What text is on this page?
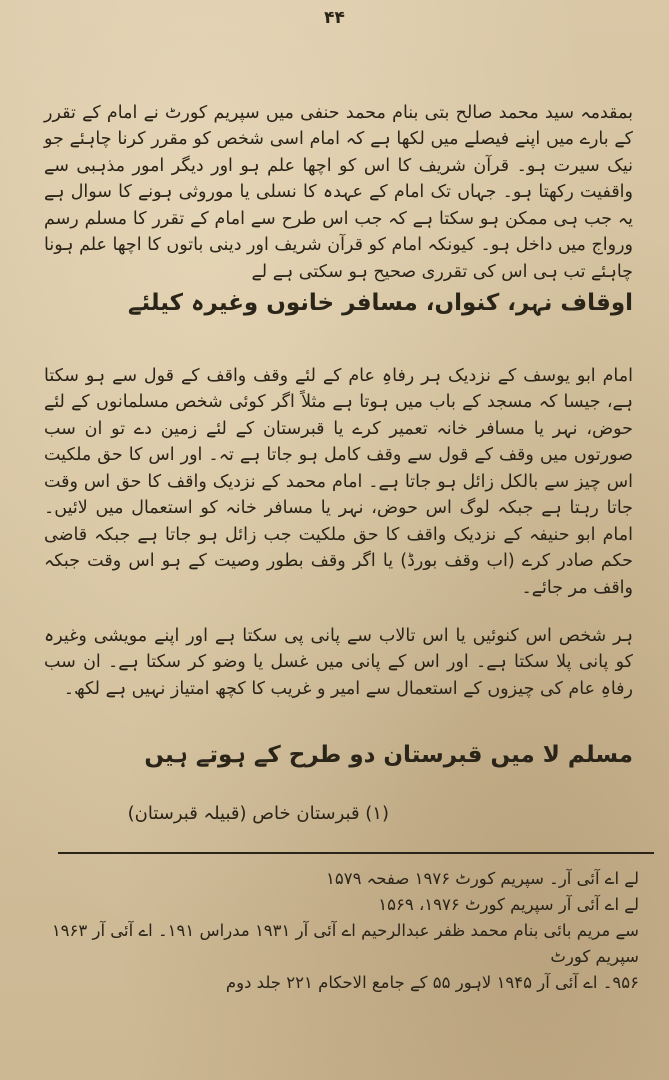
۴۴

بمقدمہ سید محمد صالح بتی بنام محمد حنفی میں سپریم کورٹ نے امام کے تقرر کے بارے میں اپنے فیصلے میں لکھا ہے کہ امام اسی شخص کو مقرر کرنا چاہئے جو نیک سیرت ہو۔ قرآن شریف کا اس کو اچھا علم ہو اور دیگر امور مذہبی سے واقفیت رکھتا ہو۔ جہاں تک امام کے عہدہ کا نسلی یا موروثی ہونے کا سوال ہے یہ جب ہی ممکن ہو سکتا ہے کہ جب اس طرح سے امام کے تقرر کا مسلم رسم ورواج میں داخل ہو۔ کیونکہ امام کو قرآن شریف اور دینی باتوں کا اچھا علم ہونا چاہئے تب ہی اس کی تقرری صحیح ہو سکتی ہے لے

اوقاف نہر، کنواں، مسافر خانوں وغیرہ کیلئے

امام ابو یوسف کے نزدیک ہر رفاہِ عام کے لئے وقف واقف کے قول سے ہو سکتا ہے، جیسا کہ مسجد کے باب میں ہوتا ہے مثلاً اگر کوئی شخص مسلمانوں کے لئے حوض، نہر یا مسافر خانہ تعمیر کرے یا قبرستان کے لئے زمین دے تو ان سب صورتوں میں وقف کے قول سے وقف کامل ہو جاتا ہے تہ۔ اور اس کا حق ملکیت اس چیز سے بالکل زائل ہو جاتا ہے۔ امام محمد کے نزدیک واقف کا حق اس وقت جاتا رہتا ہے جبکہ لوگ اس حوض، نہر یا مسافر خانہ کو استعمال میں لائیں۔ امام ابو حنیفہ کے نزدیک واقف کا حق ملکیت جب زائل ہو جاتا ہے جبکہ قاضی حکم صادر کرے (اب وقف بورڈ) یا اگر وقف بطور وصیت کے ہو اس وقت جبکہ واقف مر جائے۔

ہر شخص اس کنوئیں یا اس تالاب سے پانی پی سکتا ہے اور اپنے مویشی وغیرہ کو پانی پلا سکتا ہے۔ اور اس کے پانی میں غسل یا وضو کر سکتا ہے۔ ان سب رفاہِ عام کی چیزوں کے استعمال سے امیر و غریب کا کچھ امتیاز نہیں ہے لکھ۔

مسلم لا میں قبرستان دو طرح کے ہوتے ہیں
(۱) قبرستان خاص (قبیلہ قبرستان)

لے اے آئی آر۔ سپریم کورٹ ۱۹۷۶ صفحہ ۱۵۷۹

لے اے آئی آر سپریم کورٹ ۱۹۷۶، ۱۵۶۹

سے مریم بائی بنام محمد ظفر عبدالرحیم اے آئی آر ۱۹۳۱ مدراس ۱۹۱۔ اے آئی آر ۱۹۶۳ سپریم کورٹ

۹۵۶۔ اے آئی آر ۱۹۴۵ لاہور ۵۵ کے جامع الاحکام ۲۲۱ جلد دوم
